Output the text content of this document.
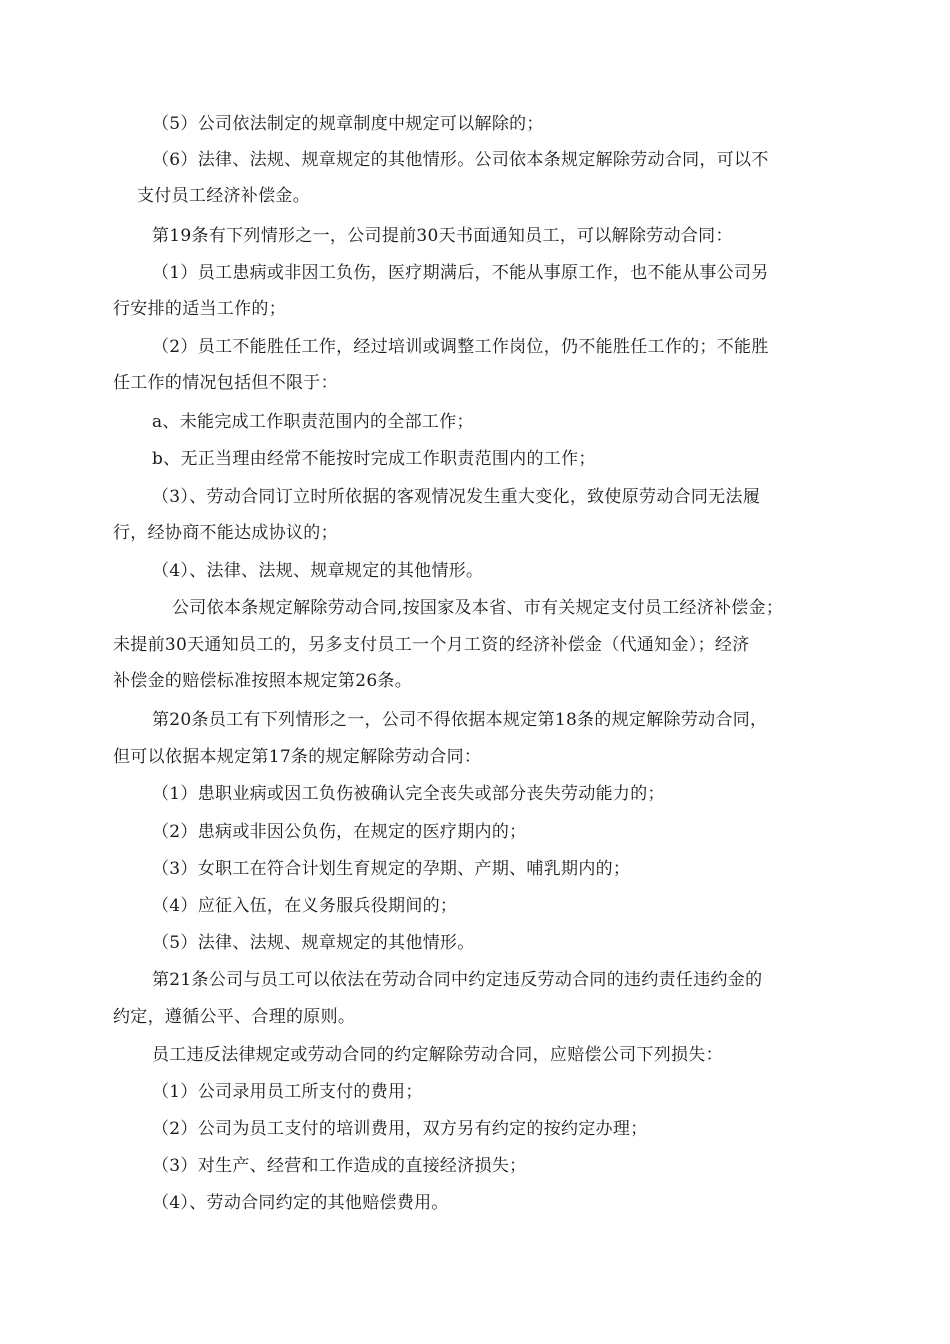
（5）公司依法制定的规章制度中规定可以解除的；
（6）法律、法规、规章规定的其他情形。公司依本条规定解除劳动合同，可以不
支付员工经济补偿金。
第19条有下列情形之一，公司提前30天书面通知员工，可以解除劳动合同：
（1）员工患病或非因工负伤，医疗期满后，不能从事原工作，也不能从事公司另
行安排的适当工作的；
（2）员工不能胜任工作，经过培训或调整工作岗位，仍不能胜任工作的；不能胜
任工作的情况包括但不限于：
a、未能完成工作职责范围内的全部工作；
b、无正当理由经常不能按时完成工作职责范围内的工作；
（3）、劳动合同订立时所依据的客观情况发生重大变化，致使原劳动合同无法履
行，经协商不能达成协议的；
（4）、法律、法规、规章规定的其他情形。
公司依本条规定解除劳动合同,按国家及本省、市有关规定支付员工经济补偿金；
未提前30天通知员工的，另多支付员工一个月工资的经济补偿金（代通知金）；经济
补偿金的赔偿标准按照本规定第26条。
第20条员工有下列情形之一，公司不得依据本规定第18条的规定解除劳动合同，
但可以依据本规定第17条的规定解除劳动合同：
（1）患职业病或因工负伤被确认完全丧失或部分丧失劳动能力的；
（2）患病或非因公负伤，在规定的医疗期内的；
（3）女职工在符合计划生育规定的孕期、产期、哺乳期内的；
（4）应征入伍，在义务服兵役期间的；
（5）法律、法规、规章规定的其他情形。
第21条公司与员工可以依法在劳动合同中约定违反劳动合同的违约责任违约金的
约定，遵循公平、合理的原则。
员工违反法律规定或劳动合同的约定解除劳动合同，应赔偿公司下列损失：
（1）公司录用员工所支付的费用；
（2）公司为员工支付的培训费用，双方另有约定的按约定办理；
（3）对生产、经营和工作造成的直接经济损失；
（4）、劳动合同约定的其他赔偿费用。
